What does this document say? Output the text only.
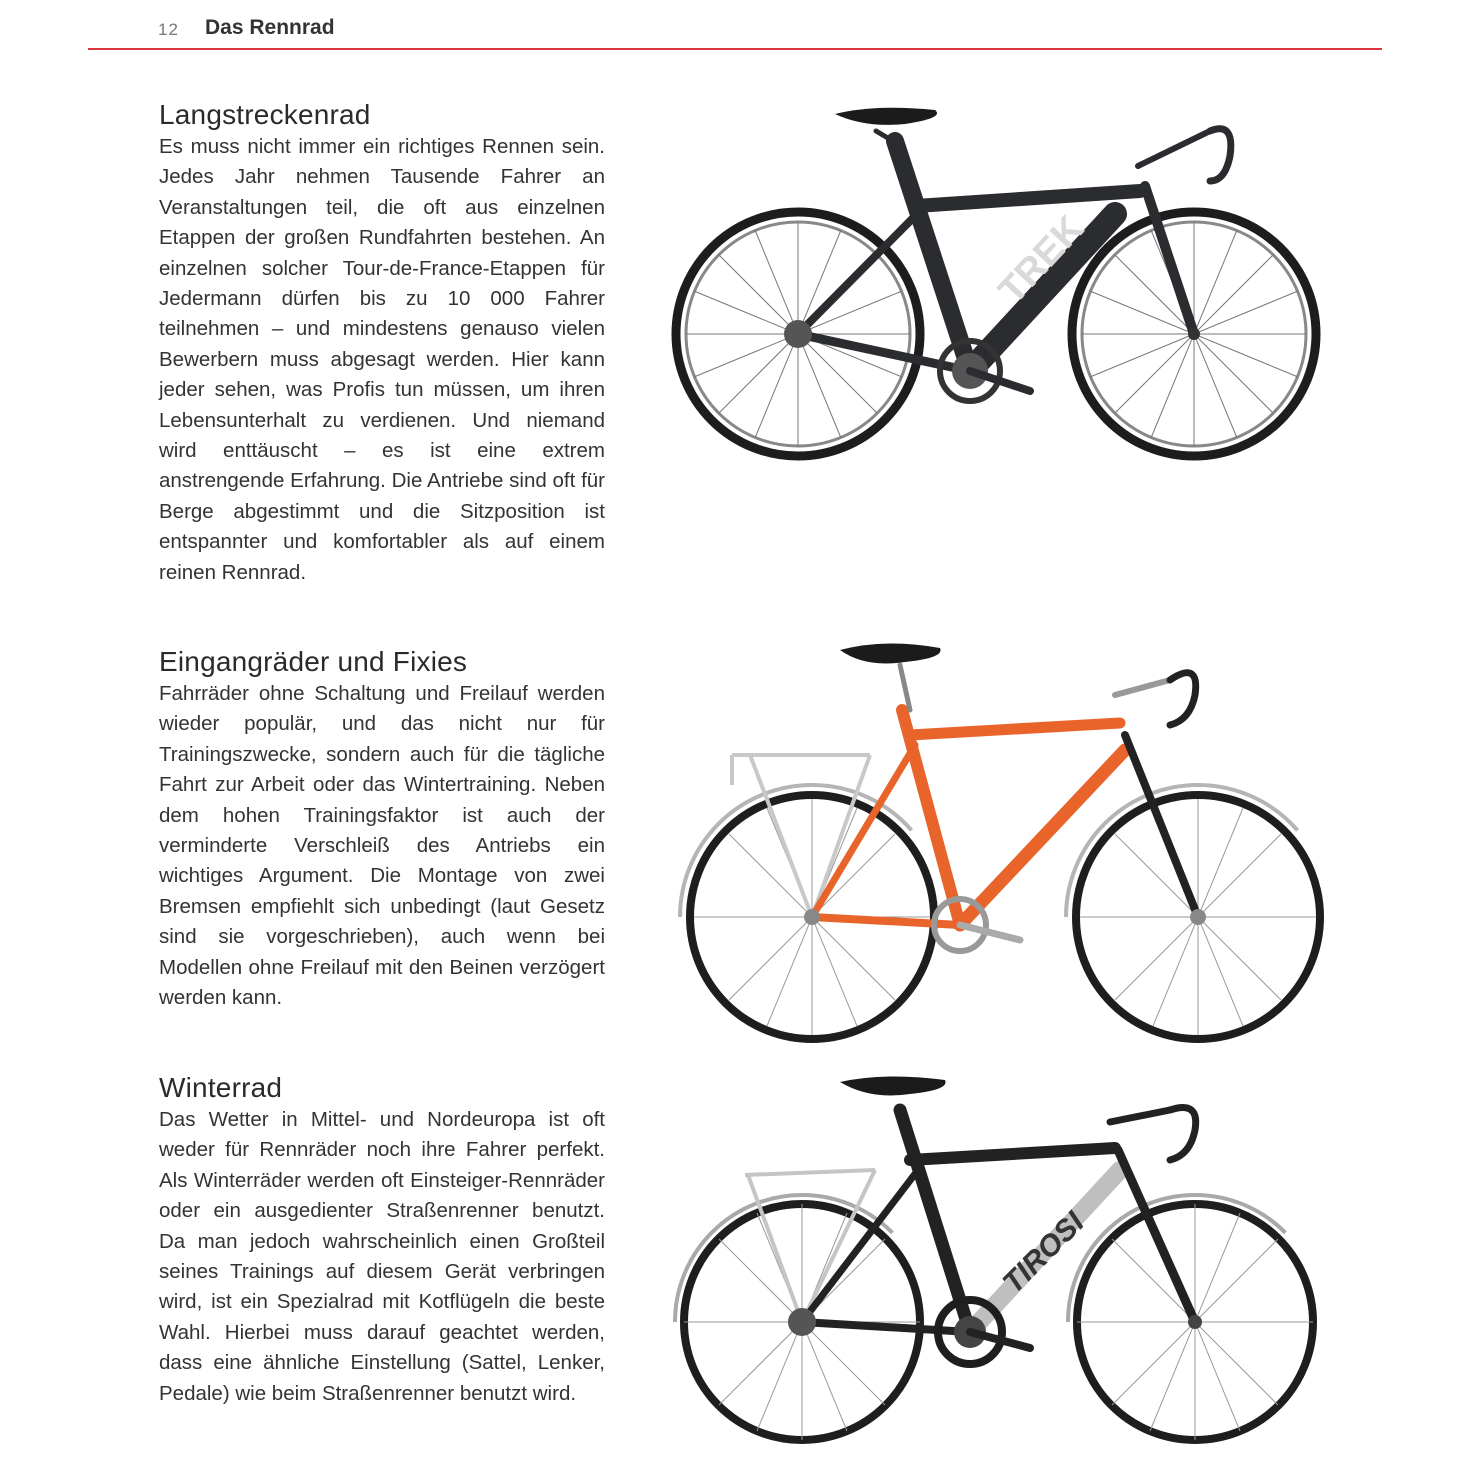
12 Das Rennrad
Langstreckenrad

Es muss nicht immer ein richtiges Rennen sein. Jedes Jahr nehmen Tausende Fahrer an Veranstaltungen teil, die oft aus einzelnen Etappen der großen Rundfahrten bestehen. An einzelnen solcher Tour-de-France-Etappen für Jedermann dürfen bis zu 10 000 Fahrer teilnehmen – und mindestens genauso vielen Bewerbern muss abgesagt werden. Hier kann jeder sehen, was Profis tun müssen, um ihren Lebensunterhalt zu verdienen. Und niemand wird enttäuscht – es ist eine extrem anstrengende Erfahrung. Die Antriebe sind oft für Berge abgestimmt und die Sitzposition ist entspannter und komfortabler als auf einem reinen Rennrad.

Eingangräder und Fixies

Fahrräder ohne Schaltung und Freilauf werden wieder populär, und das nicht nur für Trainingszwecke, sondern auch für die tägliche Fahrt zur Arbeit oder das Wintertraining. Neben dem hohen Trainingsfaktor ist auch der verminderte Verschleiß des Antriebs ein wichtiges Argument. Die Montage von zwei Bremsen empfiehlt sich unbedingt (laut Gesetz sind sie vorgeschrieben), auch wenn bei Modellen ohne Freilauf mit den Beinen verzögert werden kann.

Winterrad

Das Wetter in Mittel- und Nordeuropa ist oft weder für Rennräder noch ihre Fahrer perfekt. Als Winterräder werden oft Einsteiger-Rennräder oder ein ausgedienter Straßenrenner benutzt. Da man jedoch wahrscheinlich einen Großteil seines Trainings auf diesem Gerät verbringen wird, ist ein Spezialrad mit Kotflügeln die beste Wahl. Hierbei muss darauf geachtet werden, dass eine ähnliche Einstellung (Sattel, Lenker, Pedale) wie beim Straßenrenner benutzt wird.

TREK
TIROSI
